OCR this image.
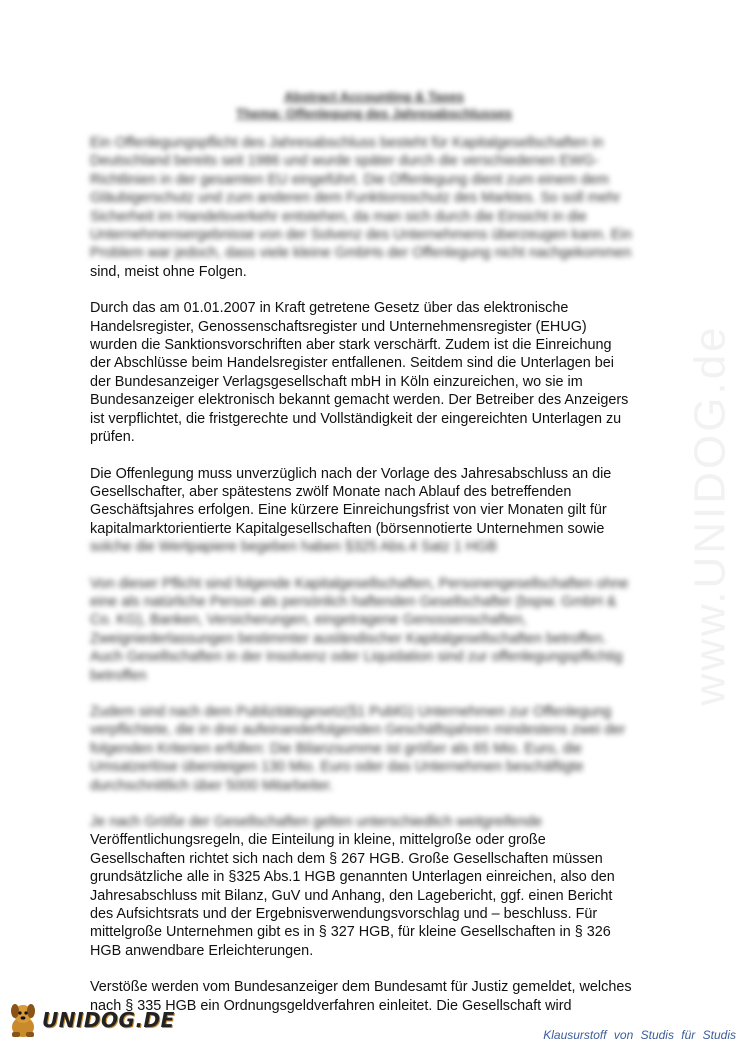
www.UNIDOG.de
Abstract Accounting & Taxes
Thema: Offenlegung des Jahresabschlusses
Ein Offenlegungspflicht des Jahresabschluss besteht für Kapitalgesellschaften in
Deutschland bereits seit 1986 und wurde später durch die verschiedenen EWG-
Richtlinien in der gesamten EU eingeführt. Die Offenlegung dient zum einem dem
Gläubigerschutz und zum anderen dem Funktionsschutz des Marktes. So soll mehr
Sicherheit im Handelsverkehr entstehen, da man sich durch die Einsicht in die
Unternehmensergebnisse von der Solvenz des Unternehmens überzeugen kann. Ein
Problem war jedoch, dass viele kleine GmbHs der Offenlegung nicht nachgekommen
sind, meist ohne Folgen.
Durch das am 01.01.2007 in Kraft getretene Gesetz über das elektronische
Handelsregister, Genossenschaftsregister und Unternehmensregister (EHUG)
wurden die Sanktionsvorschriften aber stark verschärft. Zudem ist die Einreichung
der Abschlüsse beim Handelsregister entfallenen. Seitdem sind die Unterlagen bei
der Bundesanzeiger Verlagsgesellschaft mbH in Köln einzureichen, wo sie im
Bundesanzeiger elektronisch bekannt gemacht werden. Der Betreiber des Anzeigers
ist verpflichtet, die fristgerechte und Vollständigkeit der eingereichten Unterlagen zu
prüfen.
Die Offenlegung muss unverzüglich nach der Vorlage des Jahresabschluss an die
Gesellschafter, aber spätestens zwölf Monate nach Ablauf des betreffenden
Geschäftsjahres erfolgen. Eine kürzere Einreichungsfrist von vier Monaten gilt für
kapitalmarktorientierte Kapitalgesellschaften (börsennotierte Unternehmen sowie
solche die Wertpapiere begeben haben §325 Abs.4 Satz 1 HGB
Von dieser Pflicht sind folgende Kapitalgesellschaften, Personengesellschaften ohne
eine als natürliche Person als persönlich haftenden Gesellschafter (bspw. GmbH &
Co. KG), Banken, Versicherungen, eingetragene Genossenschaften,
Zweigniederlassungen bestimmter ausländischer Kapitalgesellschaften betroffen.
Auch Gesellschaften in der Insolvenz oder Liquidation sind zur offenlegungspflichtig
betroffen
Zudem sind nach dem Publizitätsgesetz(§1 PublG) Unternehmen zur Offenlegung
verpflichtete, die in drei aufeinanderfolgenden Geschäftsjahren mindestens zwei der
folgenden Kriterien erfüllen: Die Bilanzsumme ist größer als 65 Mio. Euro, die
Umsatzerlöse übersteigen 130 Mio. Euro oder das Unternehmen beschäftigte
durchschnittlich über 5000 Mitarbeiter.
Je nach Größe der Gesellschaften gelten unterschiedlich weitgreifende
Veröffentlichungsregeln, die Einteilung in kleine, mittelgroße oder große
Gesellschaften richtet sich nach dem § 267 HGB. Große Gesellschaften müssen
grundsätzliche alle in §325 Abs.1 HGB genannten Unterlagen einreichen, also den
Jahresabschluss mit Bilanz, GuV und Anhang, den Lagebericht, ggf. einen Bericht
des Aufsichtsrats und der Ergebnisverwendungsvorschlag und – beschluss. Für
mittelgroße Unternehmen gibt es in § 327 HGB, für kleine Gesellschaften in § 326
HGB anwendbare Erleichterungen.
Verstöße werden vom Bundesanzeiger dem Bundesamt für Justiz gemeldet, welches
nach § 335 HGB ein Ordnungsgeldverfahren einleitet. Die Gesellschaft wird
UNIDOG.DE
Klausurstoff von Studis für Studis
